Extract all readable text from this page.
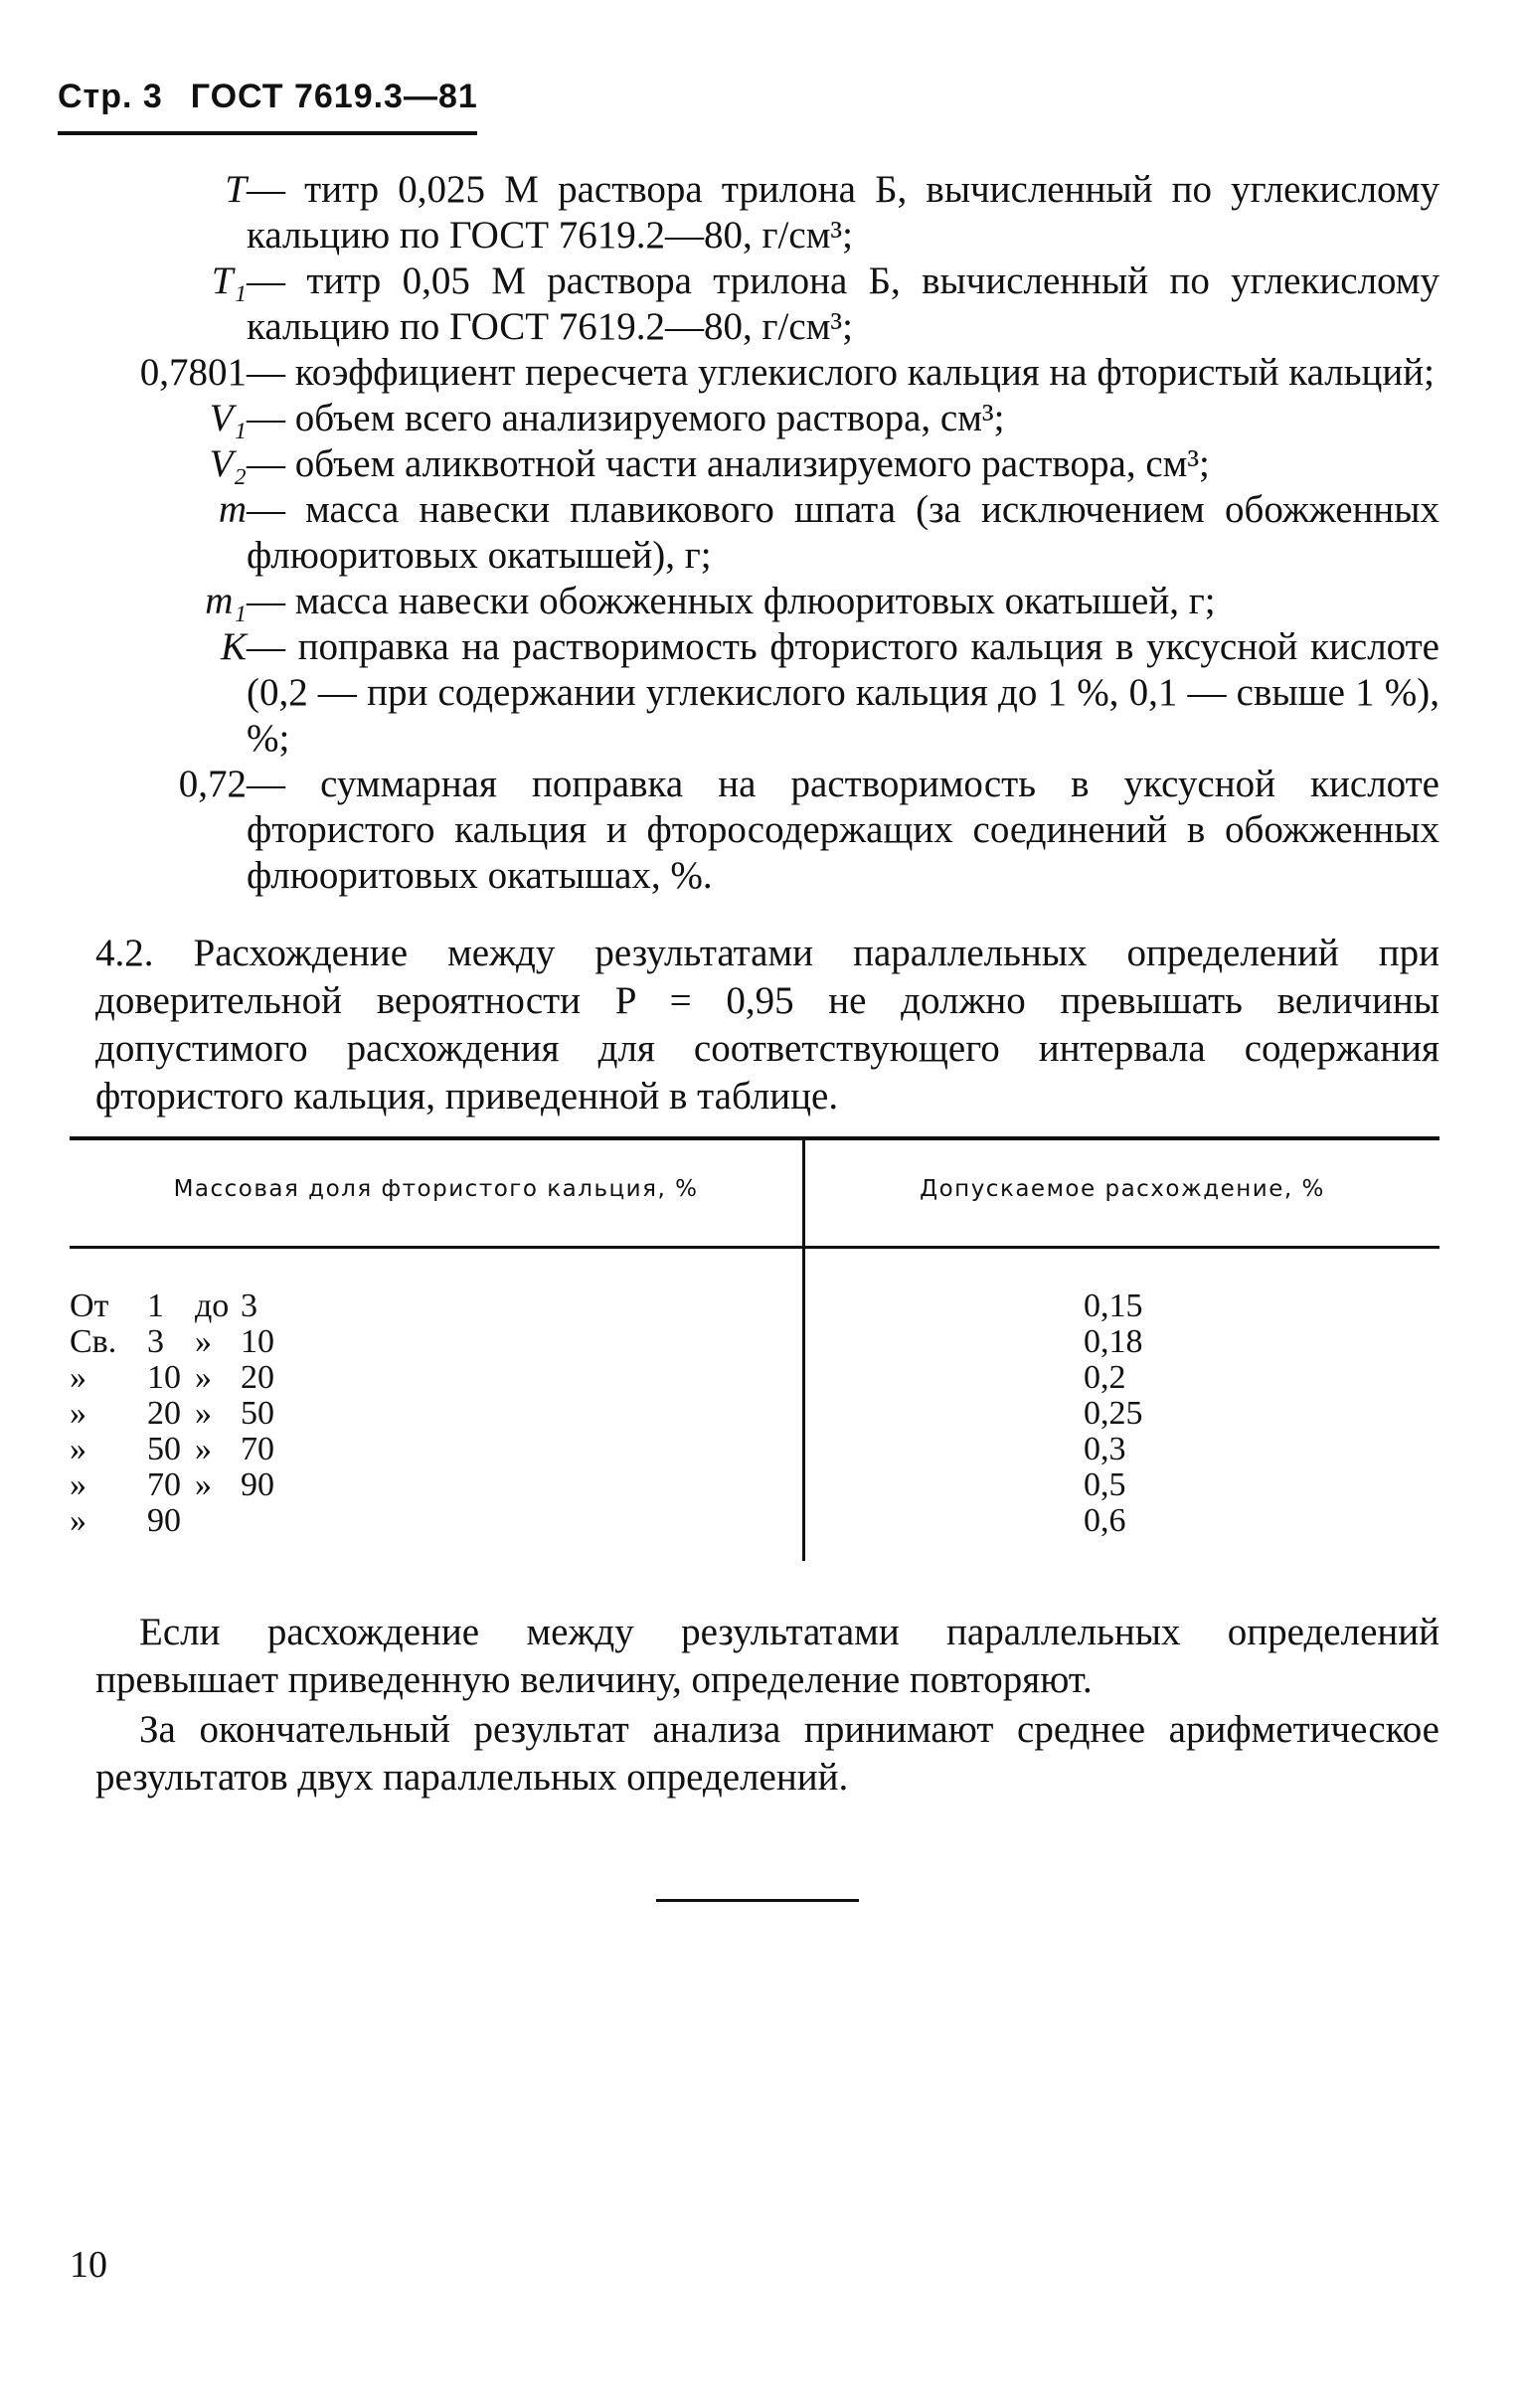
Стр. 3 ГОСТ 7619.3—81
T — титр 0,025 М раствора трилона Б, вычисленный по углекислому кальцию по ГОСТ 7619.2—80, г/см³;
T₁ — титр 0,05 М раствора трилона Б, вычисленный по углекислому кальцию по ГОСТ 7619.2—80, г/см³;
0,7801 — коэффициент пересчета углекислого кальция на фтористый кальций;
V₁ — объем всего анализируемого раствора, см³;
V₂ — объем аликвотной части анализируемого раствора, см³;
m — масса навески плавикового шпата (за исключением обожженных флюоритовых окатышей), г;
m₁ — масса навески обожженных флюоритовых окатышей, г;
K — поправка на растворимость фтористого кальция в уксусной кислоте (0,2 — при содержании углекислого кальция до 1 %, 0,1 — свыше 1 %), %;
0,72 — суммарная поправка на растворимость в уксусной кислоте фтористого кальция и фторосодержащих соединений в обожженных флюоритовых окатышах, %.
4.2. Расхождение между результатами параллельных определений при доверительной вероятности P = 0,95 не должно превышать величины допустимого расхождения для соответствующего интервала содержания фтористого кальция, приведенной в таблице.
Массовая доля фтористого кальция, %	Допускаемое расхождение, %
От 1 до 3	0,15
Св. 3 » 10	0,18
» 10 » 20	0,2
» 20 » 50	0,25
» 50 » 70	0,3
» 70 » 90	0,5
» 90	0,6
Если расхождение между результатами параллельных определений превышает приведенную величину, определение повторяют.
За окончательный результат анализа принимают среднее арифметическое результатов двух параллельных определений.
10
